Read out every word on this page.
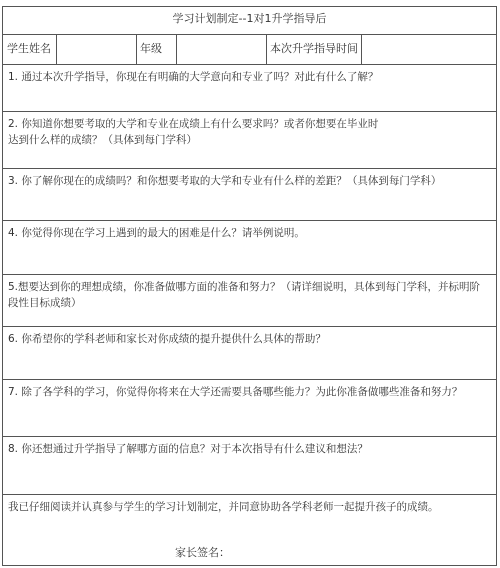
学习计划制定--1对1升学指导后
学生姓名	年级	本次升学指导时间
1. 通过本次升学指导，你现在有明确的大学意向和专业了吗？对此有什么了解？
2. 你知道你想要考取的大学和专业在成绩上有什么要求吗？或者你想要在毕业时达到什么样的成绩？（具体到每门学科）
3. 你了解你现在的成绩吗？和你想要考取的大学和专业有什么样的差距？（具体到每门学科）
4. 你觉得你现在学习上遇到的最大的困难是什么？请举例说明。
5.想要达到你的理想成绩，你准备做哪方面的准备和努力？（请详细说明，具体到每门学科，并标明阶段性目标成绩）
6. 你希望你的学科老师和家长对你成绩的提升提供什么具体的帮助？
7. 除了各学科的学习，你觉得你将来在大学还需要具备哪些能力？为此你准备做哪些准备和努力？
8. 你还想通过升学指导了解哪方面的信息？对于本次指导有什么建议和想法？
我已仔细阅读并认真参与学生的学习计划制定，并同意协助各学科老师一起提升孩子的成绩。
家长签名：
